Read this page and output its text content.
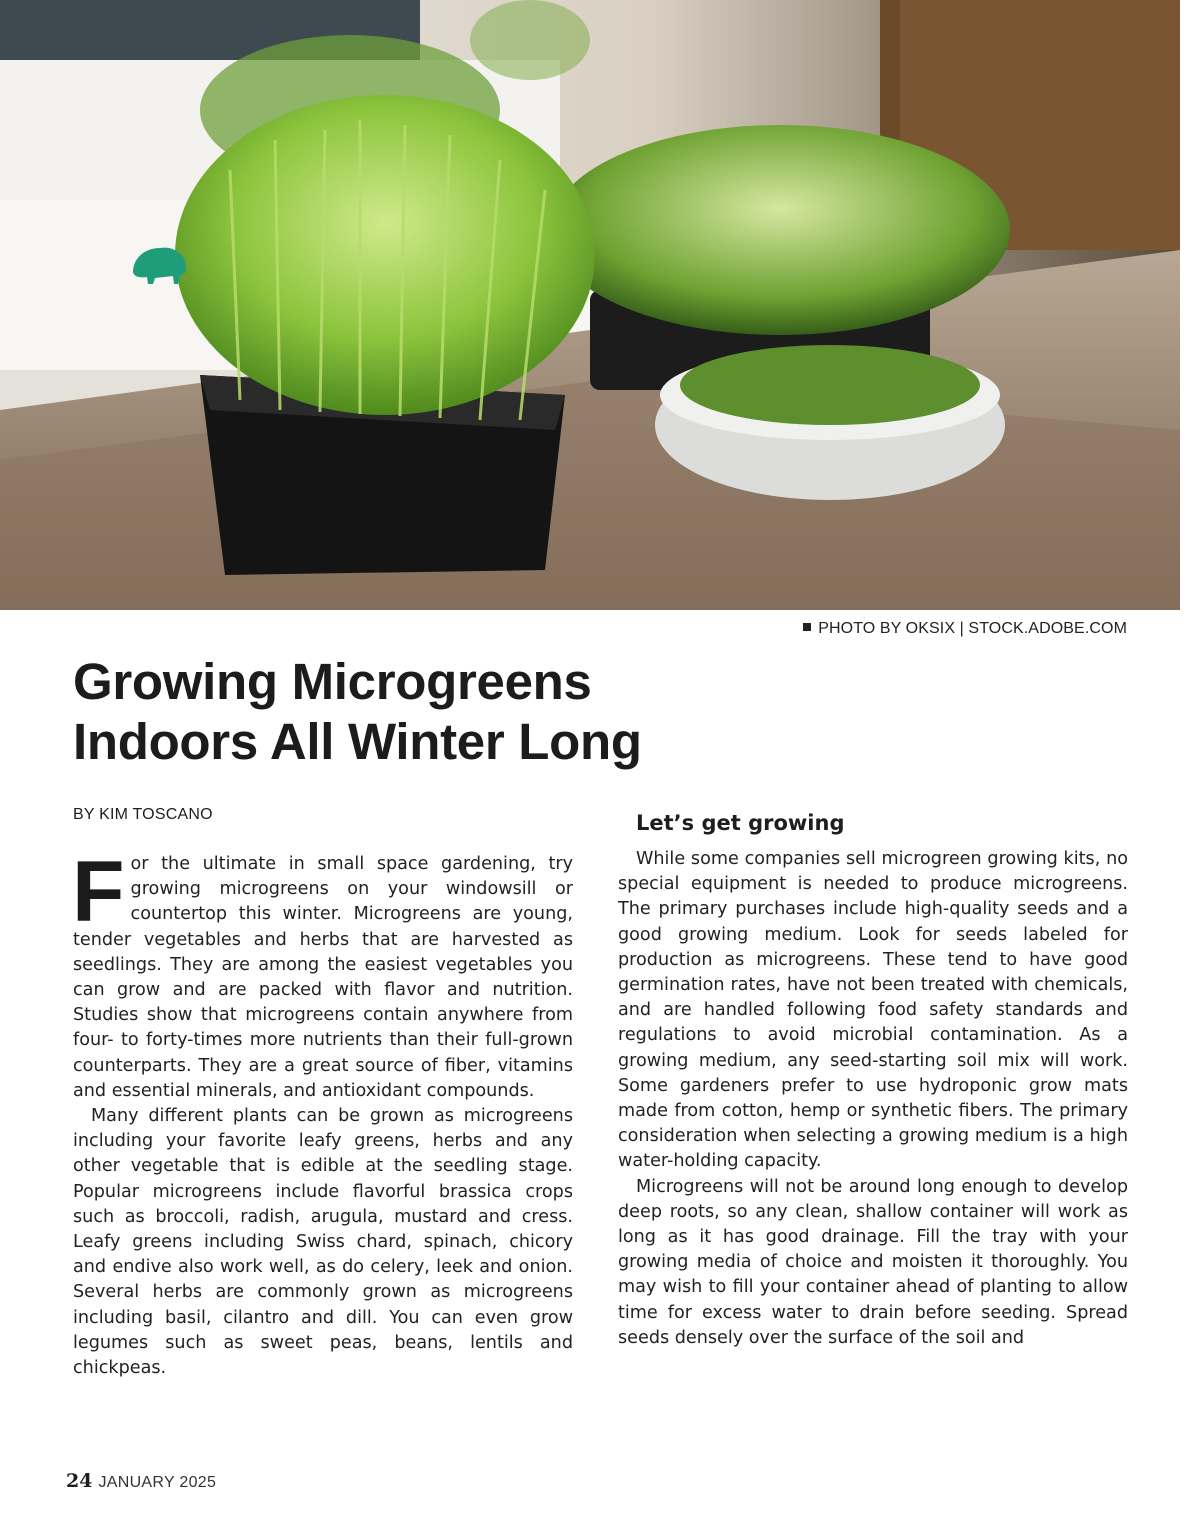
PHOTO BY OKSIX | STOCK.ADOBE.COM
Growing Microgreens
Indoors All Winter Long
BY KIM TOSCANO

For the ultimate in small space gardening, try growing microgreens on your windowsill or countertop this winter. Microgreens are young, tender vegetables and herbs that are harvested as seedlings. They are among the easiest vegetables you can grow and are packed with flavor and nutrition. Studies show that microgreens contain anywhere from four- to forty-times more nutrients than their full-grown counterparts. They are a great source of fiber, vitamins and essential minerals, and antioxidant compounds.

Many different plants can be grown as microgreens including your favorite leafy greens, herbs and any other vegetable that is edible at the seedling stage. Popular microgreens include flavorful brassica crops such as broccoli, radish, arugula, mustard and cress. Leafy greens including Swiss chard, spinach, chicory and endive also work well, as do celery, leek and onion. Several herbs are commonly grown as microgreens including basil, cilantro and dill. You can even grow legumes such as sweet peas, beans, lentils and chickpeas.

Let’s get growing

While some companies sell microgreen growing kits, no special equipment is needed to produce microgreens. The primary purchases include high-quality seeds and a good growing medium. Look for seeds labeled for production as microgreens. These tend to have good germination rates, have not been treated with chemicals, and are handled following food safety standards and regulations to avoid microbial contamination. As a growing medium, any seed-starting soil mix will work. Some gardeners prefer to use hydroponic grow mats made from cotton, hemp or synthetic fibers. The primary consideration when selecting a growing medium is a high water-holding capacity.

Microgreens will not be around long enough to develop deep roots, so any clean, shallow container will work as long as it has good drainage. Fill the tray with your growing media of choice and moisten it thoroughly. You may wish to fill your container ahead of planting to allow time for excess water to drain before seeding. Spread seeds densely over the surface of the soil and

24 JANUARY 2025
